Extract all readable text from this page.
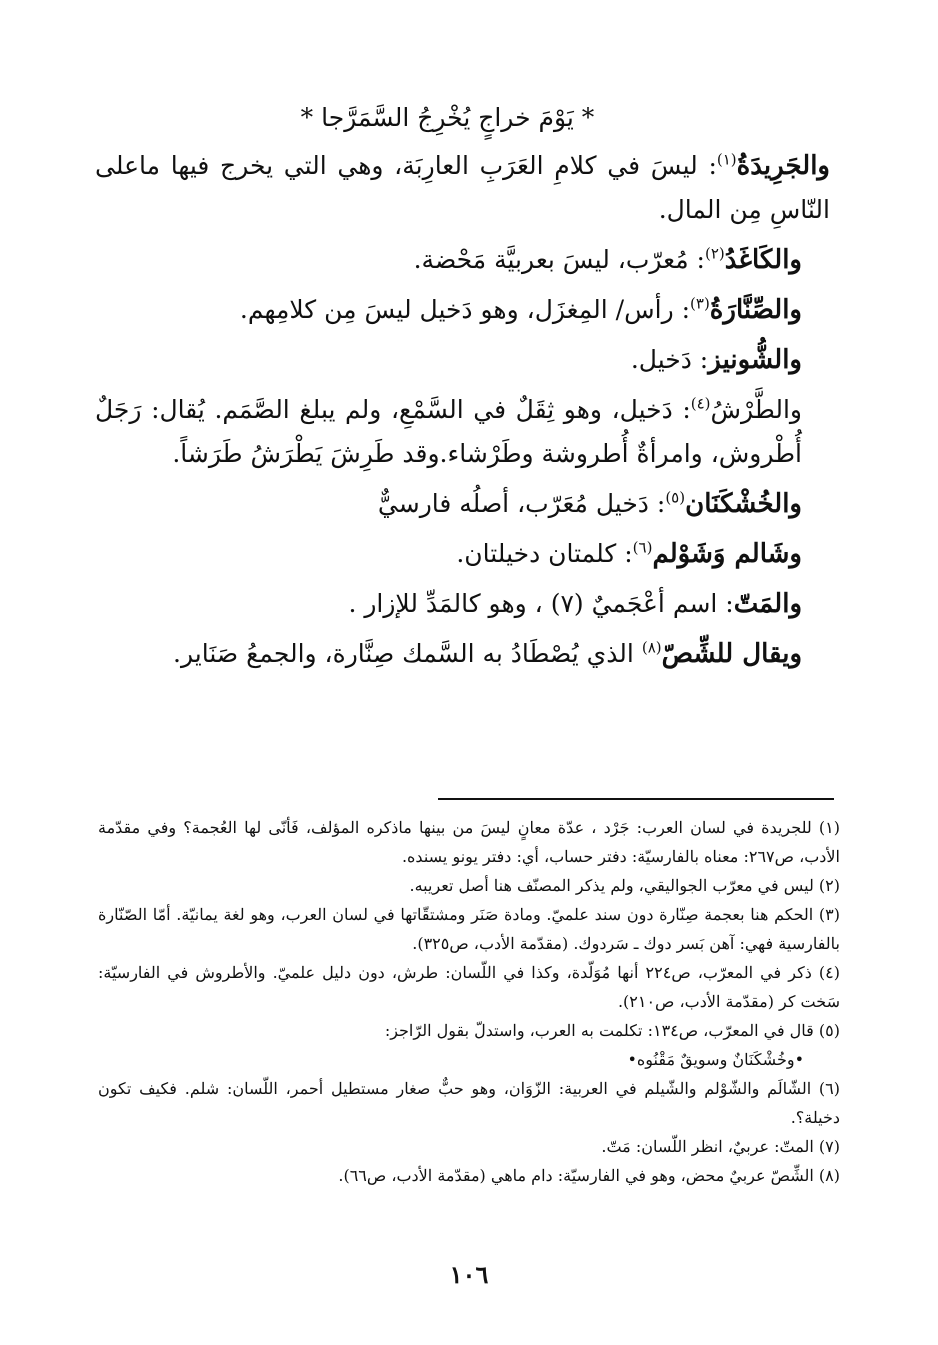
* يَوْمَ خراجٍ يُخْرِجُ السَّمَرَّجا *
والجَرِيدَةُ$^{(١)}$: ليسَ في كلامِ العَرَبِ العارِبَة، وهي التي يخرج فيها ماعلى النّاسِ مِن المال.
والكَاغَدُ$^{(٢)}$: مُعرّب، ليسَ بعربيَّة مَحْضة.
والصِّنَّارَةُ$^{(٣)}$: رأس/ المِغزَل، وهو دَخيل ليسَ مِن كلامِهم.
والشُّونيز: دَخيل.
والطَّرْشُ$^{(٤)}$: دَخيل، وهو ثِقَلٌ في السَّمْعِ، ولم يبلغ الصَّمَم. يُقال: رَجَلٌ أُطْروش، وامرأةٌ أُطروشة وطَرْشاء.وقد طَرِشَ يَطْرَشُ طَرَشاً.
والخُشْكَنَان$^{(٥)}$: دَخيل مُعَرّب، أصلُه فارسيٌّ
وشَالم وَشَوْلم$^{(٦)}$: كلمتان دخيلتان.
والمَتّ: اسم أعْجَميٌ (٧) ، وهو كالمَدِّ للإزار .
ويقال للشِّصّ$^{(٨)}$ الذي يُصْطَادُ به السَّمك صِنَّارة، والجمعُ صَنَاير.

(١) للجريدة في لسان العرب: جَرْد ، عدّة معانٍ ليسَ من بينها ماذكره المؤلف، فَأنّى لها العُجمة؟ وفي مقدّمة الأدب، ص٢٦٧: معناه بالفارسيّة: دفتر حساب، أي: دفتر يونو يسنده.

(٢) ليس في معرّب الجواليقي، ولم يذكر المصنّف هنا أصل تعريبه.

(٣) الحكم هنا بعجمة صِنّارة دون سند علميّ. ومادة صَنَر ومشتقّاتها في لسان العرب، وهو لغة يمانيّة. أمّا الصّنّارة بالفارسية فهي: آهن بَسر دوك ـ سَردوك. (مقدّمة الأدب، ص٣٢٥).

(٤) ذكر في المعرّب، ص٢٢٤ أنها مُوَلّدة، وكذا في اللّسان: طرش، دون دليل علميّ. والأطروش في الفارسيّة: سَخت كر (مقدّمة الأدب، ص٢١٠).

(٥) قال في المعرّب، ص١٣٤: تكلمت به العرب، واستدلّ بقول الرّاجز:

•وخُشْكَنَانٌ وسويقٌ مَقْنُوه•

(٦) الشّالَم والشّوْلم والشّيلم في العربية: الزّوَان، وهو حبٌّ صغار مستطيل أحمر، اللّسان: شلم. فكيف تكون دخيلة؟.

(٧) المتّ: عربيٌ، انظر اللّسان: مَتّ.

(٨) الشِّصّ عربيٌ محض، وهو في الفارسيّة: دام ماهي (مقدّمة الأدب، ص٦٦).

١٠٦
